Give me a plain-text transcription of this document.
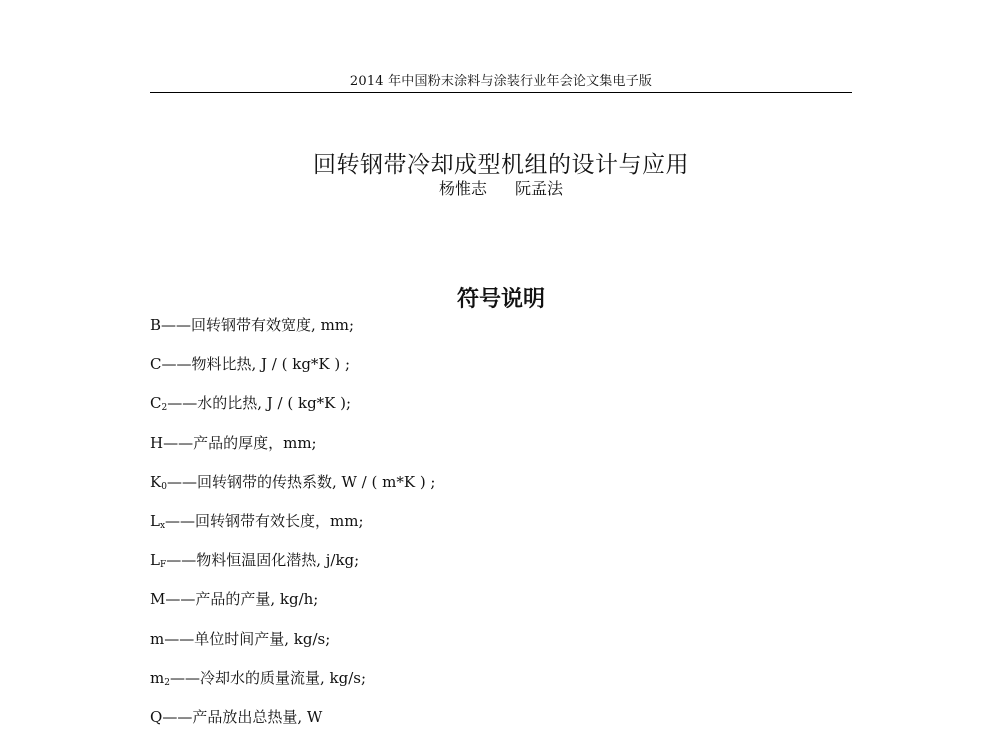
2014 年中国粉末涂料与涂装行业年会论文集电子版
回转钢带冷却成型机组的设计与应用
杨惟志 阮孟法
符号说明
B——回转钢带有效宽度, mm;
C——物料比热, J / ( kg*K ) ;
C2——水的比热, J / ( kg*K );
H——产品的厚度，mm;
K0——回转钢带的传热系数, W / ( m*K ) ;
Lx——回转钢带有效长度，mm;
LF——物料恒温固化潜热, j/kg;
M——产品的产量, kg/h;
m——单位时间产量, kg/s;
m2——冷却水的质量流量, kg/s;
Q——产品放出总热量, W
